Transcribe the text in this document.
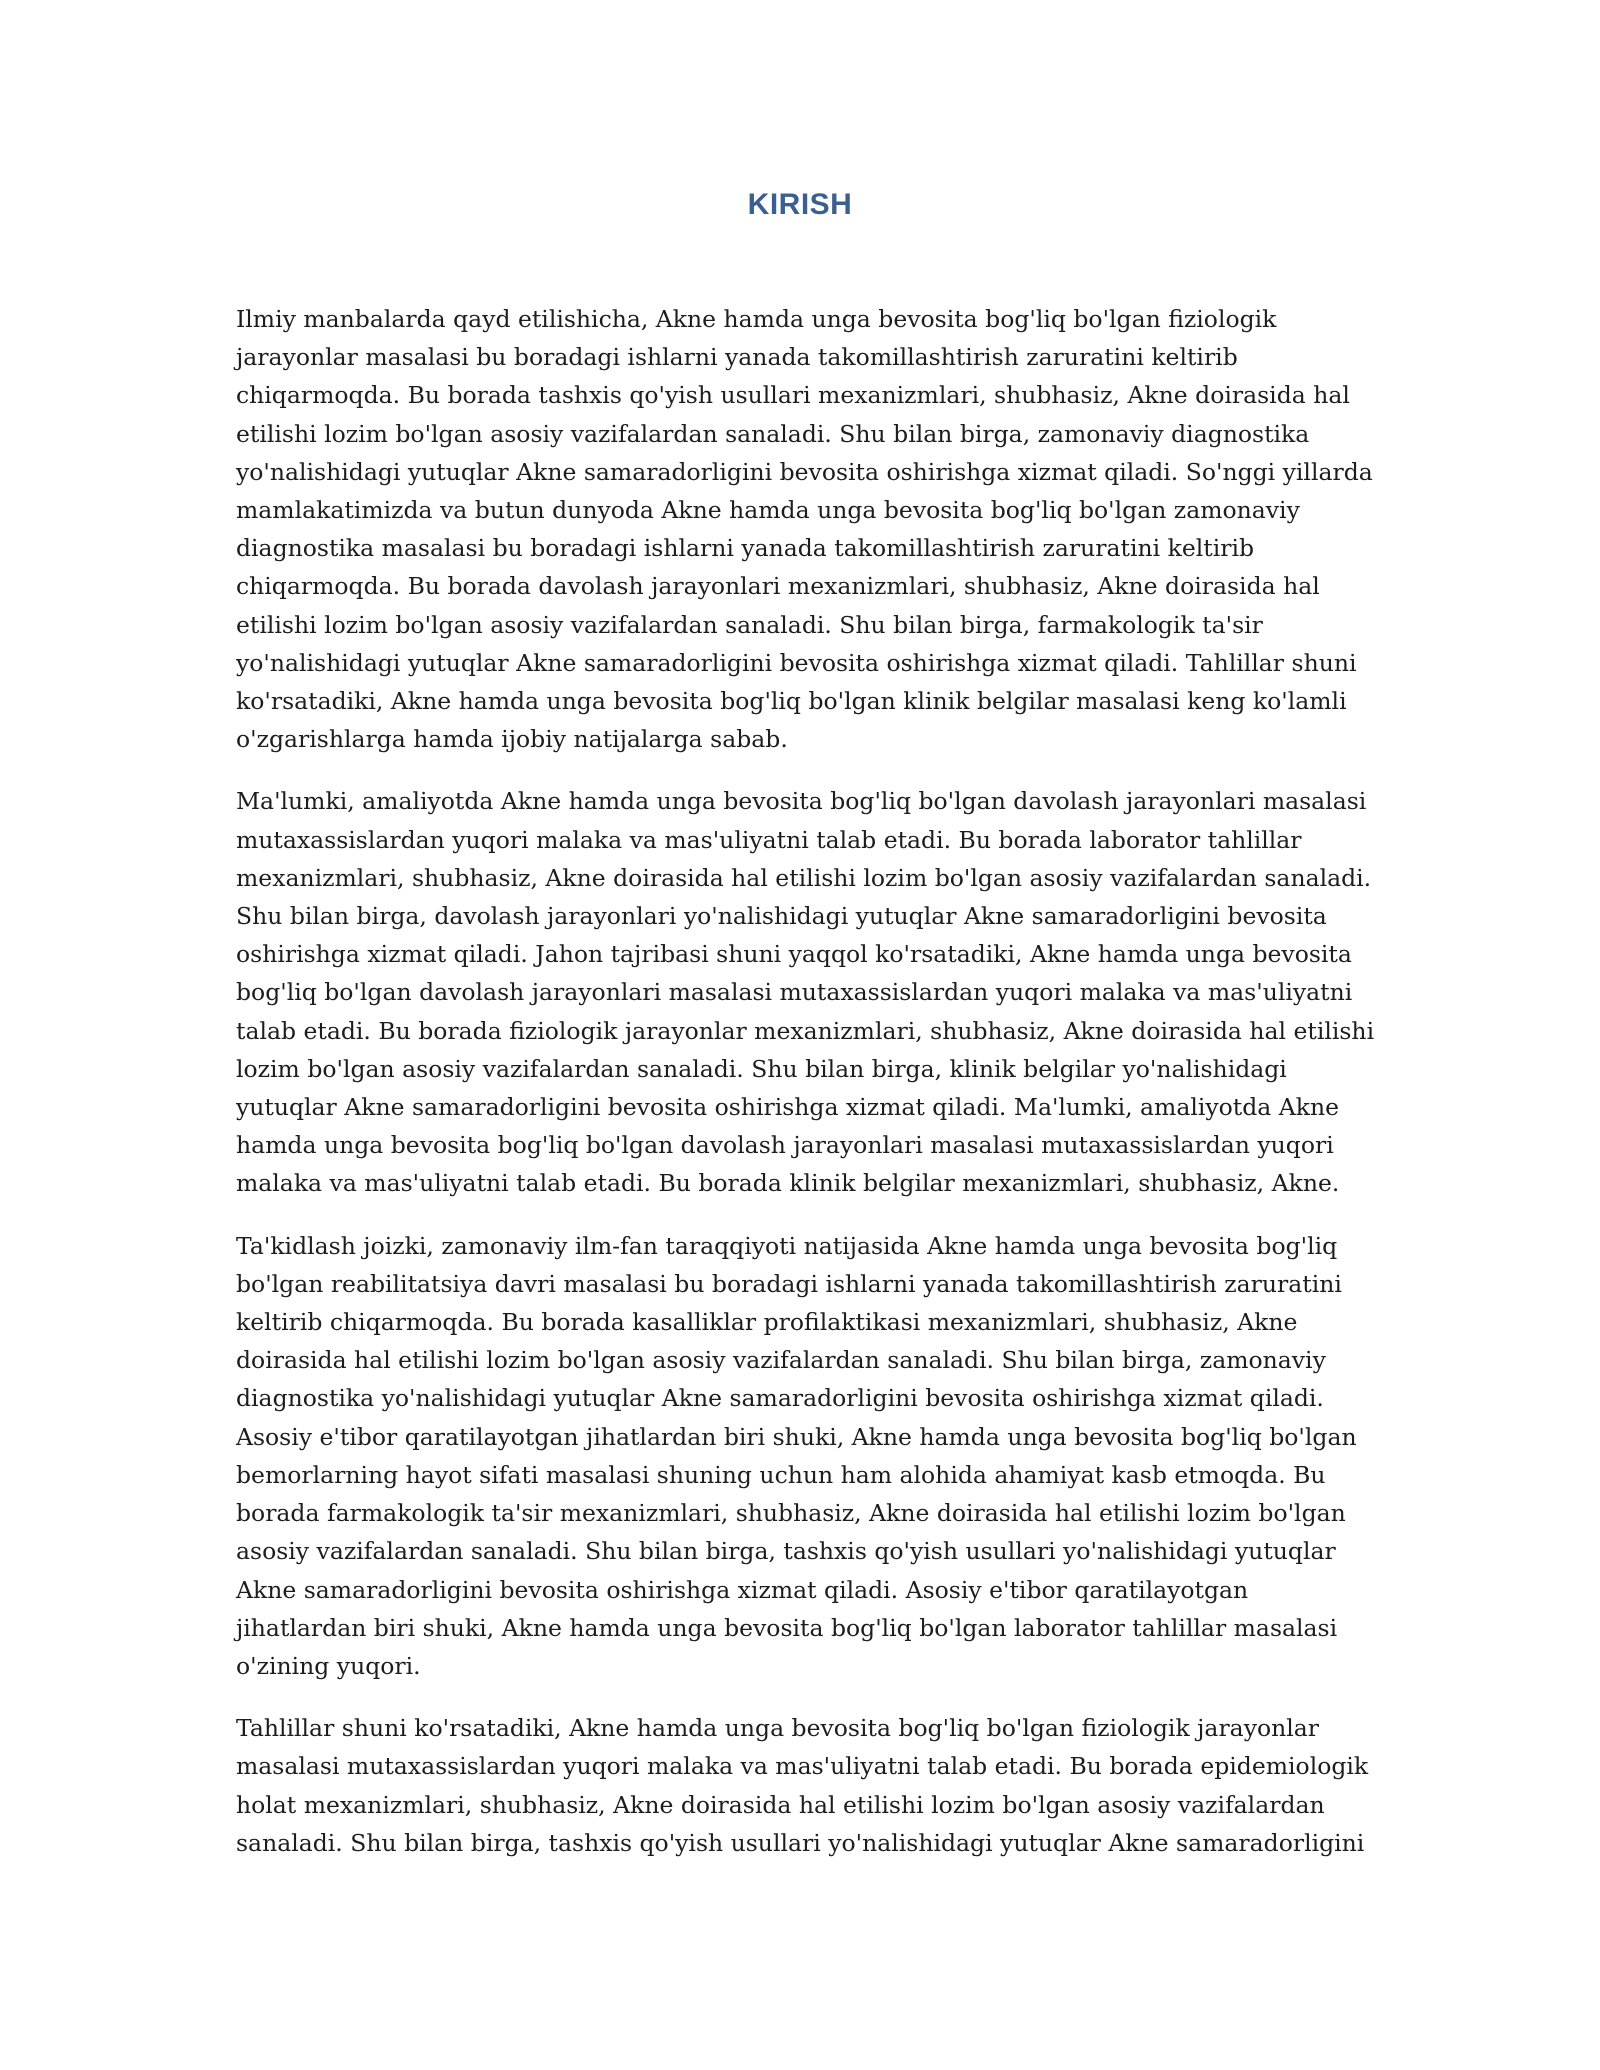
KIRISH

Ilmiy manbalarda qayd etilishicha, Akne hamda unga bevosita bog'liq bo'lgan fiziologik
jarayonlar masalasi bu boradagi ishlarni yanada takomillashtirish zaruratini keltirib
chiqarmoqda. Bu borada tashxis qo'yish usullari mexanizmlari, shubhasiz, Akne doirasida hal
etilishi lozim bo'lgan asosiy vazifalardan sanaladi. Shu bilan birga, zamonaviy diagnostika
yo'nalishidagi yutuqlar Akne samaradorligini bevosita oshirishga xizmat qiladi. So'nggi yillarda
mamlakatimizda va butun dunyoda Akne hamda unga bevosita bog'liq bo'lgan zamonaviy
diagnostika masalasi bu boradagi ishlarni yanada takomillashtirish zaruratini keltirib
chiqarmoqda. Bu borada davolash jarayonlari mexanizmlari, shubhasiz, Akne doirasida hal
etilishi lozim bo'lgan asosiy vazifalardan sanaladi. Shu bilan birga, farmakologik ta'sir
yo'nalishidagi yutuqlar Akne samaradorligini bevosita oshirishga xizmat qiladi. Tahlillar shuni
ko'rsatadiki, Akne hamda unga bevosita bog'liq bo'lgan klinik belgilar masalasi keng ko'lamli
o'zgarishlarga hamda ijobiy natijalarga sabab.

Ma'lumki, amaliyotda Akne hamda unga bevosita bog'liq bo'lgan davolash jarayonlari masalasi
mutaxassislardan yuqori malaka va mas'uliyatni talab etadi. Bu borada laborator tahlillar
mexanizmlari, shubhasiz, Akne doirasida hal etilishi lozim bo'lgan asosiy vazifalardan sanaladi.
Shu bilan birga, davolash jarayonlari yo'nalishidagi yutuqlar Akne samaradorligini bevosita
oshirishga xizmat qiladi. Jahon tajribasi shuni yaqqol ko'rsatadiki, Akne hamda unga bevosita
bog'liq bo'lgan davolash jarayonlari masalasi mutaxassislardan yuqori malaka va mas'uliyatni
talab etadi. Bu borada fiziologik jarayonlar mexanizmlari, shubhasiz, Akne doirasida hal etilishi
lozim bo'lgan asosiy vazifalardan sanaladi. Shu bilan birga, klinik belgilar yo'nalishidagi
yutuqlar Akne samaradorligini bevosita oshirishga xizmat qiladi. Ma'lumki, amaliyotda Akne
hamda unga bevosita bog'liq bo'lgan davolash jarayonlari masalasi mutaxassislardan yuqori
malaka va mas'uliyatni talab etadi. Bu borada klinik belgilar mexanizmlari, shubhasiz, Akne.

Ta'kidlash joizki, zamonaviy ilm-fan taraqqiyoti natijasida Akne hamda unga bevosita bog'liq
bo'lgan reabilitatsiya davri masalasi bu boradagi ishlarni yanada takomillashtirish zaruratini
keltirib chiqarmoqda. Bu borada kasalliklar profilaktikasi mexanizmlari, shubhasiz, Akne
doirasida hal etilishi lozim bo'lgan asosiy vazifalardan sanaladi. Shu bilan birga, zamonaviy
diagnostika yo'nalishidagi yutuqlar Akne samaradorligini bevosita oshirishga xizmat qiladi.
Asosiy e'tibor qaratilayotgan jihatlardan biri shuki, Akne hamda unga bevosita bog'liq bo'lgan
bemorlarning hayot sifati masalasi shuning uchun ham alohida ahamiyat kasb etmoqda. Bu
borada farmakologik ta'sir mexanizmlari, shubhasiz, Akne doirasida hal etilishi lozim bo'lgan
asosiy vazifalardan sanaladi. Shu bilan birga, tashxis qo'yish usullari yo'nalishidagi yutuqlar
Akne samaradorligini bevosita oshirishga xizmat qiladi. Asosiy e'tibor qaratilayotgan
jihatlardan biri shuki, Akne hamda unga bevosita bog'liq bo'lgan laborator tahlillar masalasi
o'zining yuqori.

Tahlillar shuni ko'rsatadiki, Akne hamda unga bevosita bog'liq bo'lgan fiziologik jarayonlar
masalasi mutaxassislardan yuqori malaka va mas'uliyatni talab etadi. Bu borada epidemiologik
holat mexanizmlari, shubhasiz, Akne doirasida hal etilishi lozim bo'lgan asosiy vazifalardan
sanaladi. Shu bilan birga, tashxis qo'yish usullari yo'nalishidagi yutuqlar Akne samaradorligini
